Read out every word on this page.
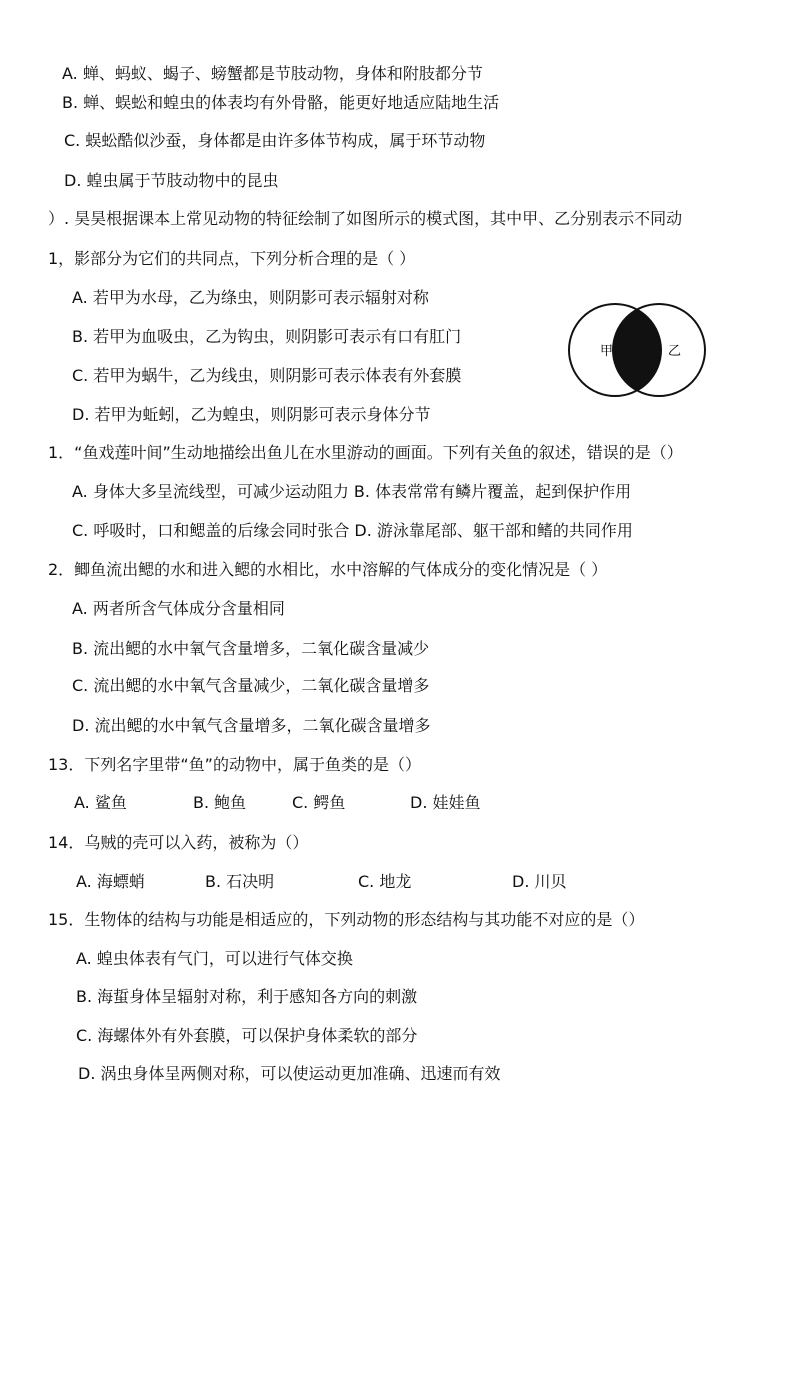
A. 蝉、蚂蚁、蝎子、螃蟹都是节肢动物，身体和附肢都分节
B. 蝉、蜈蚣和蝗虫的体表均有外骨骼，能更好地适应陆地生活
C. 蜈蚣酷似沙蚕，身体都是由许多体节构成，属于环节动物
D. 蝗虫属于节肢动物中的昆虫
）. 昊昊根据课本上常见动物的特征绘制了如图所示的模式图，其中甲、乙分别表示不同动
1，影部分为它们的共同点，下列分析合理的是（ ）
A. 若甲为水母，乙为绦虫，则阴影可表示辐射对称
B. 若甲为血吸虫，乙为钩虫，则阴影可表示有口有肛门
C. 若甲为蜗牛，乙为线虫，则阴影可表示体表有外套膜
D. 若甲为蚯蚓，乙为蝗虫，则阴影可表示身体分节
甲	乙
1．“鱼戏莲叶间”生动地描绘出鱼儿在水里游动的画面。下列有关鱼的叙述，错误的是（）
A. 身体大多呈流线型，可减少运动阻力 B. 体表常常有鳞片覆盖，起到保护作用
C. 呼吸时，口和鳃盖的后缘会同时张合 D. 游泳靠尾部、躯干部和鳍的共同作用
2．鲫鱼流出鳃的水和进入鳃的水相比，水中溶解的气体成分的变化情况是（ ）
A. 两者所含气体成分含量相同
B. 流出鳃的水中氧气含量增多，二氧化碳含量减少
C. 流出鳃的水中氧气含量减少，二氧化碳含量增多
D. 流出鳃的水中氧气含量增多，二氧化碳含量增多
13．下列名字里带“鱼”的动物中，属于鱼类的是（）
A. 鲨鱼	B. 鲍鱼	C. 鳄鱼	D. 娃娃鱼
14．乌贼的壳可以入药，被称为（）
A. 海螵蛸	B. 石决明	C. 地龙	D. 川贝
15．生物体的结构与功能是相适应的，下列动物的形态结构与其功能不对应的是（）
A. 蝗虫体表有气门，可以进行气体交换
B. 海蜇身体呈辐射对称，利于感知各方向的刺激
C. 海螺体外有外套膜，可以保护身体柔软的部分
D. 涡虫身体呈两侧对称，可以使运动更加准确、迅速而有效
